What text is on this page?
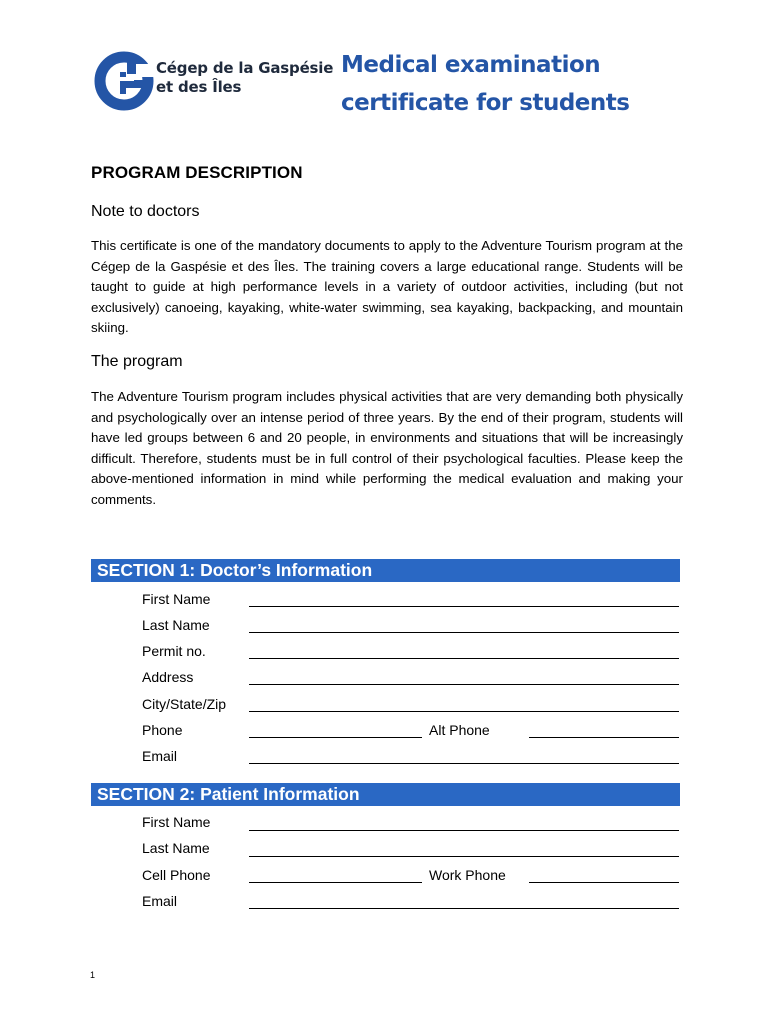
Cégep de la Gaspésie
et des Îles
Medical examination
certificate for students
PROGRAM DESCRIPTION
Note to doctors
This certificate is one of the mandatory documents to apply to the Adventure Tourism program at the Cégep de la Gaspésie et des Îles. The training covers a large educational range. Students will be taught to guide at high performance levels in a variety of outdoor activities, including (but not exclusively) canoeing, kayaking, white-water swimming, sea kayaking, backpacking, and mountain skiing.
The program
The Adventure Tourism program includes physical activities that are very demanding both physically and psychologically over an intense period of three years. By the end of their program, students will have led groups between 6 and 20 people, in environments and situations that will be increasingly difficult. Therefore, students must be in full control of their psychological faculties. Please keep the above-mentioned information in mind while performing the medical evaluation and making your comments.
SECTION 1: Doctor’s Information
First Name
Last Name
Permit no.
Address
City/State/Zip
Phone	Alt Phone
Email
SECTION 2: Patient Information
First Name
Last Name
Cell Phone	Work Phone
Email
1
